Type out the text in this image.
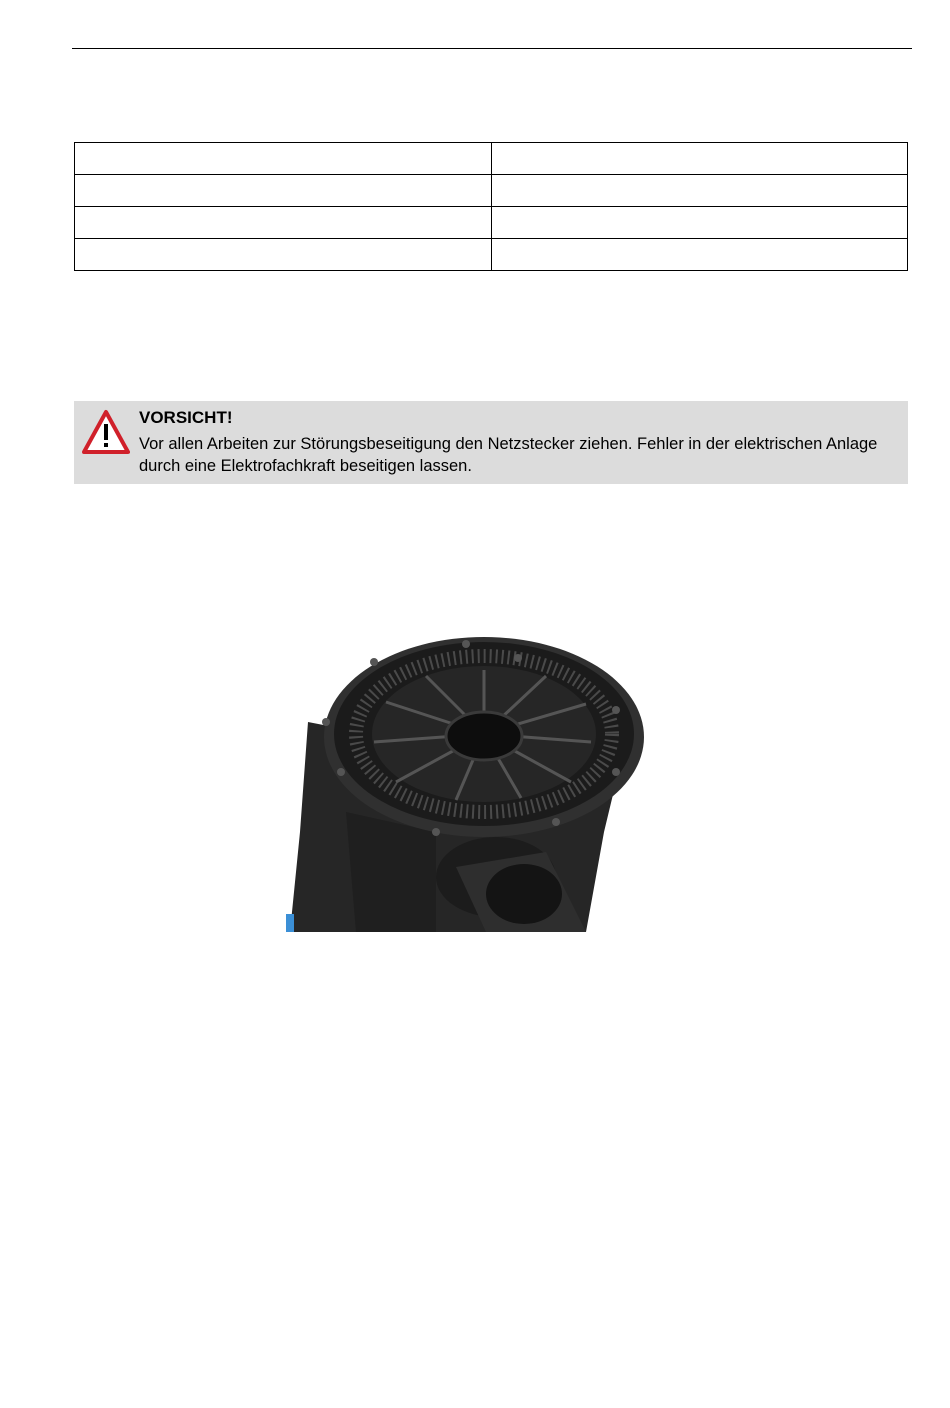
VORSICHT!
Vor allen Arbeiten zur Störungsbeseitigung den Netzstecker ziehen. Fehler in der elektrischen Anlage durch eine Elektrofachkraft beseitigen lassen.
